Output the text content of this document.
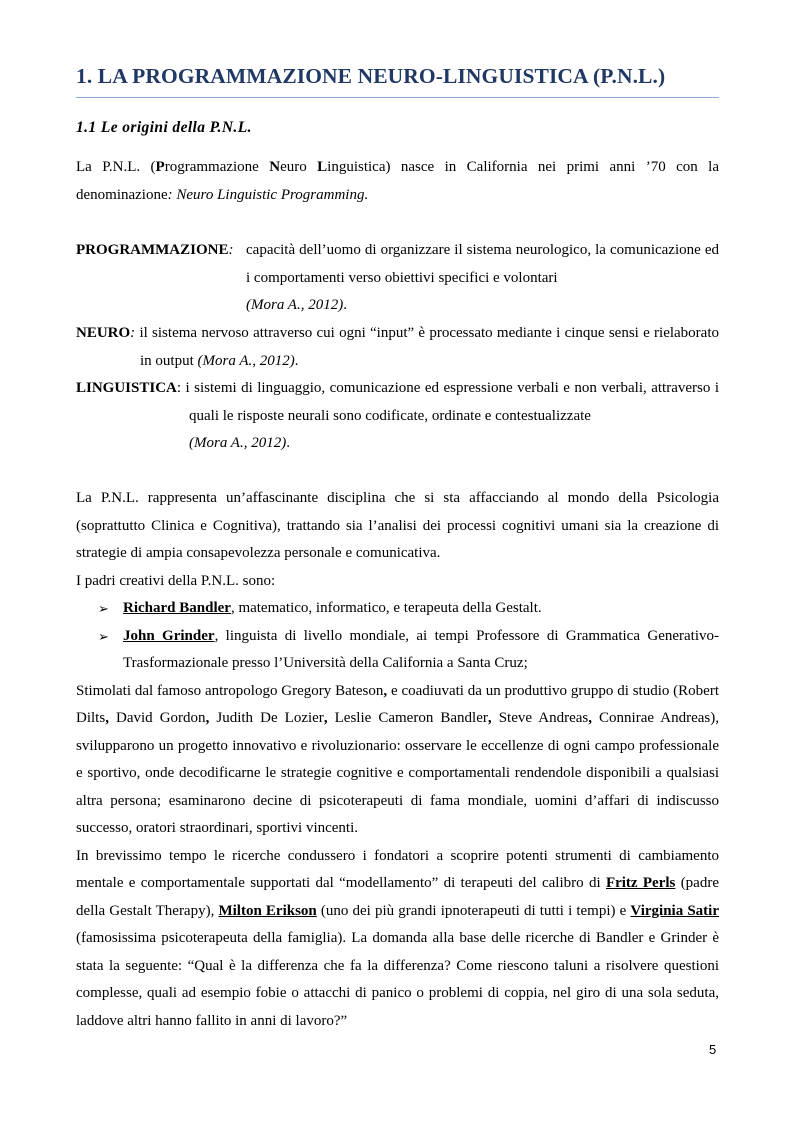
1. LA PROGRAMMAZIONE NEURO-LINGUISTICA (P.N.L.)
1.1 Le origini della P.N.L.

La P.N.L. (Programmazione Neuro Linguistica) nasce in California nei primi anni ’70 con la denominazione: Neuro Linguistic Programming.

PROGRAMMAZIONE: capacità dell’uomo di organizzare il sistema neurologico, la comunicazione ed i comportamenti verso obiettivi specifici e volontari
(Mora A., 2012).
NEURO: il sistema nervoso attraverso cui ogni “input” è processato mediante i cinque sensi e rielaborato in output (Mora A., 2012).
LINGUISTICA: i sistemi di linguaggio, comunicazione ed espressione verbali e non verbali, attraverso i quali le risposte neurali sono codificate, ordinate e contestualizzate
(Mora A., 2012).

La P.N.L. rappresenta un’affascinante disciplina che si sta affacciando al mondo della Psicologia (soprattutto Clinica e Cognitiva), trattando sia l’analisi dei processi cognitivi umani sia la creazione di strategie di ampia consapevolezza personale e comunicativa.

I padri creativi della P.N.L. sono:

➢ Richard Bandler, matematico, informatico, e terapeuta della Gestalt.
➢ John Grinder, linguista di livello mondiale, ai tempi Professore di Grammatica Generativo-Trasformazionale presso l’Università della California a Santa Cruz;

Stimolati dal famoso antropologo Gregory Bateson, e coadiuvati da un produttivo gruppo di studio (Robert Dilts, David Gordon, Judith De Lozier, Leslie Cameron Bandler, Steve Andreas, Connirae Andreas), svilupparono un progetto innovativo e rivoluzionario: osservare le eccellenze di ogni campo professionale e sportivo, onde decodificarne le strategie cognitive e comportamentali rendendole disponibili a qualsiasi altra persona; esaminarono decine di psicoterapeuti di fama mondiale, uomini d’affari di indiscusso successo, oratori straordinari, sportivi vincenti.

In brevissimo tempo le ricerche condussero i fondatori a scoprire potenti strumenti di cambiamento mentale e comportamentale supportati dal “modellamento” di terapeuti del calibro di Fritz Perls (padre della Gestalt Therapy), Milton Erikson (uno dei più grandi ipnoterapeuti di tutti i tempi) e Virginia Satir (famosissima psicoterapeuta della famiglia). La domanda alla base delle ricerche di Bandler e Grinder è stata la seguente: “Qual è la differenza che fa la differenza? Come riescono taluni a risolvere questioni complesse, quali ad esempio fobie o attacchi di panico o problemi di coppia, nel giro di una sola seduta, laddove altri hanno fallito in anni di lavoro?”

5
